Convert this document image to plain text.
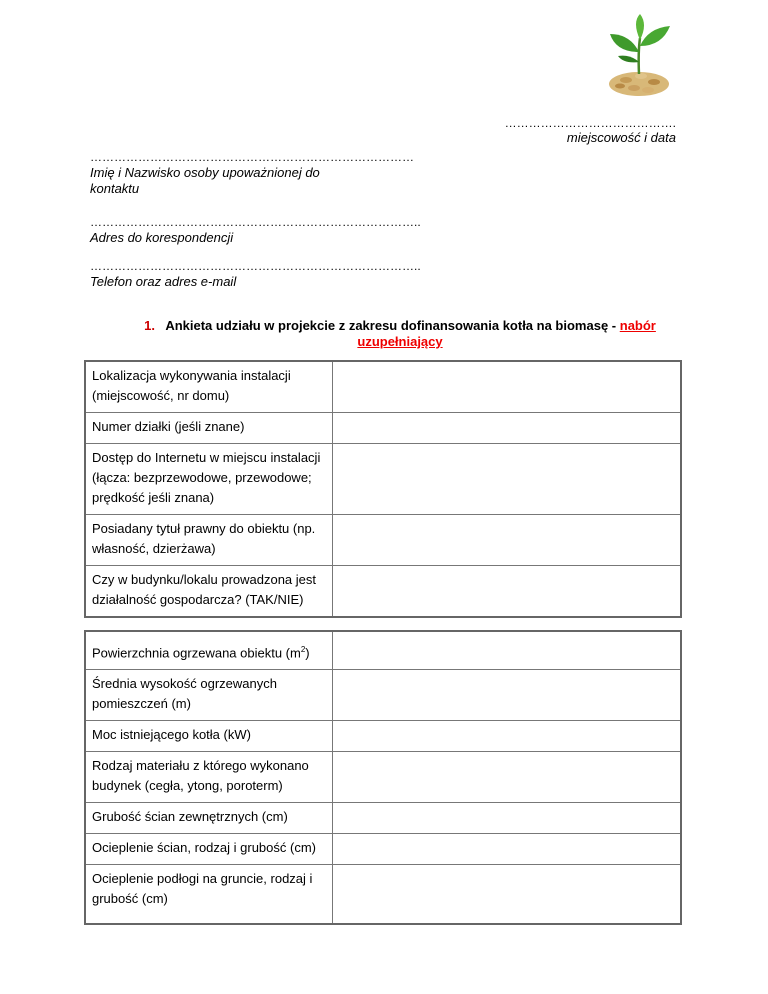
…………………………………….
miejscowość i data
………………………………………………………………………
Imię i Nazwisko osoby upoważnionej do kontaktu
………………………………………………………………………..
Adres do korespondencji
………………………………………………………………………..
Telefon oraz adres e-mail
1. Ankieta udziału w projekcie z zakresu dofinansowania kotła na biomasę - nabór uzupełniający
Lokalizacja wykonywania instalacji (miejscowość, nr domu)	
Numer działki (jeśli znane)	
Dostęp do Internetu w miejscu instalacji (łącza: bezprzewodowe, przewodowe; prędkość jeśli znana)	
Posiadany tytuł prawny do obiektu (np. własność, dzierżawa)	
Czy w budynku/lokalu prowadzona jest działalność gospodarcza? (TAK/NIE)	
Powierzchnia ogrzewana obiektu $(m^2)$	
Średnia wysokość ogrzewanych pomieszczeń (m)	
Moc istniejącego kotła (kW)	
Rodzaj materiału z którego wykonano budynek (cegła, ytong, poroterm)	
Grubość ścian zewnętrznych (cm)	
Ocieplenie ścian, rodzaj i grubość (cm)	
Ocieplenie podłogi na gruncie, rodzaj i grubość (cm)	
